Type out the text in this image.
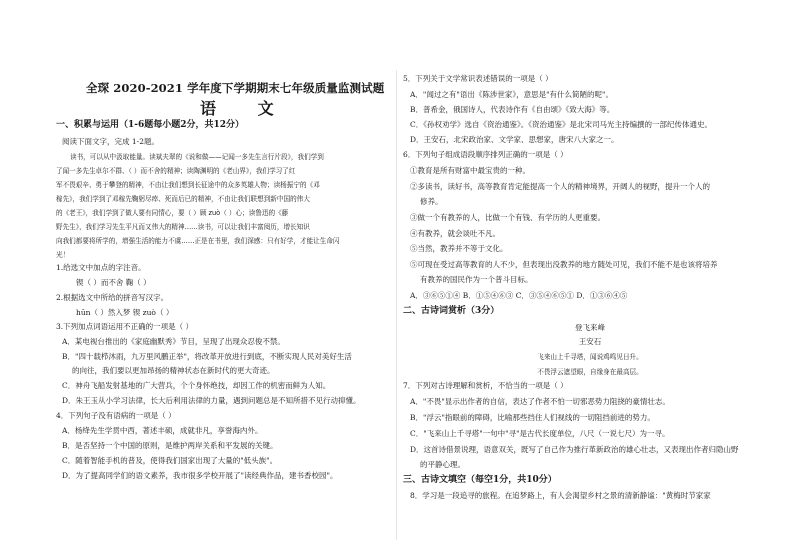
全琛 2020-2021 学年度下学期期末七年级质量监测试题
语 文
一、积累与运用（1-6题每小题2分，共12分）
阅读下面文字，完成 1-2题。
读书，可以从中汲取能量。读斌夫翠的《说和做——记闻一多先生言行片段》，我们学到
了闻一多先生卓尔不群、（ ）而不舍的精神；读陶渊明的《老山界》，我们学习了红
军不畏艰辛、勇于攀登的精神，不由让我们想到长征途中的众多英雄人物；读杨振宁的《邓
稼先》，我们学到了邓稼先鞠躬尽瘁、死而后已的精神，不由让我们联想到新中国的伟大
的《老王》，我们学到了做人要有同情心，要（ ）顾 zuò（ ）心；读鲁迅的《藤
野先生》，我们学习先生平凡而又伟大的精神……读书，可以让我们丰富阅历，增长知识
向我们都要将所学的，增强生活的能力不虞……正是在书里，我们深感：只有好学，才能让生命闪
光！
1.给选文中加点的字注音。
锲（ ）而不舍 鞠（ ）
2.根据选文中所给的拼音写汉字。
hūn（ ）然入梦 锲 zuò（ ）
3.下列加点词语运用不正确的一项是（ ）
A．某电视台推出的《家庭幽默秀》节目，呈现了出现众忍俊不禁。
B．"四十载栉沐雨，九万里风鹏正举"，将改革开放进行到底，不断实现人民对美好生活
的向往，我们要以更加昂扬的精神状态在新时代的更大奇迹。
C．神舟飞船发射基地的广大营兵，个个身怀绝技，却因工作的机密而鲜为人知。
D．朱王玉从小学习法律，长大后利用法律的力量，遇到问题总是不知所措不见行动抑懂。
4．下列句子没有语病的一项是（ ）
A．杨绛先生学贯中西，著述丰硕，成就非凡，享誉海内外。
B．是否坚持一个中国的原则，是维护两岸关系和平发展的关键。
C．随着智能手机的普及，使得我们国家出现了大量的"低头族"。
D．为了提高同学们的语文素养，我市很多学校开展了"读经典作品，建书香校园"。
5．下列关于文学常识表述错误的一项是（ ）
A．"闻过之有"语出《陈涉世家》，意思是"有什么简陋的呢"。
B．普希金，俄国诗人，代表诗作有《自由颂》《致大海》等。
C．《孙权劝学》选自《资治通鉴》。《资治通鉴》是北宋司马光主持编撰的一部纪传体通史。
D．王安石，北宋政治家、文学家、思想家，唐宋八大家之一。
6．下列句子组成语段顺序排列正确的一项是（ ）
①教育是所有财富中最宝贵的一种。
②多读书，读好书，高等教育肯定能提高一个人的精神境界，开阔人的视野，提升一个人的
修养。
③做一个有教养的人，比做一个有钱、有学历的人更重要。
④有教养，就会谈吐不凡。
⑤当然，教养并不等于文化。
⑤可现在受过高等教育的人不少，但表现出没教养的地方随处可见，我们不能不是也该将培养
有教养的国民作为一个普斗目标。
A．③⑥⑤①④ B．①⑤④⑥③ C．③⑤④⑥⑤① D．①③⑥④⑤
二、古诗词赏析（3分）
登飞来峰
王安石
飞来山上千寻塔，闻说鸡鸣见日升。
不畏浮云遮望眼，自缘身在最高层。
7．下列对古诗理解和赏析，不恰当的一项是（ ）
A．"不畏"显示出作者的自信，表达了作者不怕一切邪恶势力阻挠的豪情壮志。
B．"浮云"指眼前的障碍，比喻那些挡住人们视线的一切阻挡前进的势力。
C．"飞来山上千寻塔"一句中"寻"是古代长度单位，八尺（一说七尺）为一寻。
D．这首诗借景说理，语意双关，既写了自己作为推行革新政治的雄心壮志，又表现出作者归隐山野
的平静心理。
三、古诗文填空（每空1分，共10分）
8．学习是一段追寻的旅程。在追梦路上，有人会渴望乡村之景的清新静谧："黄梅时节家家
